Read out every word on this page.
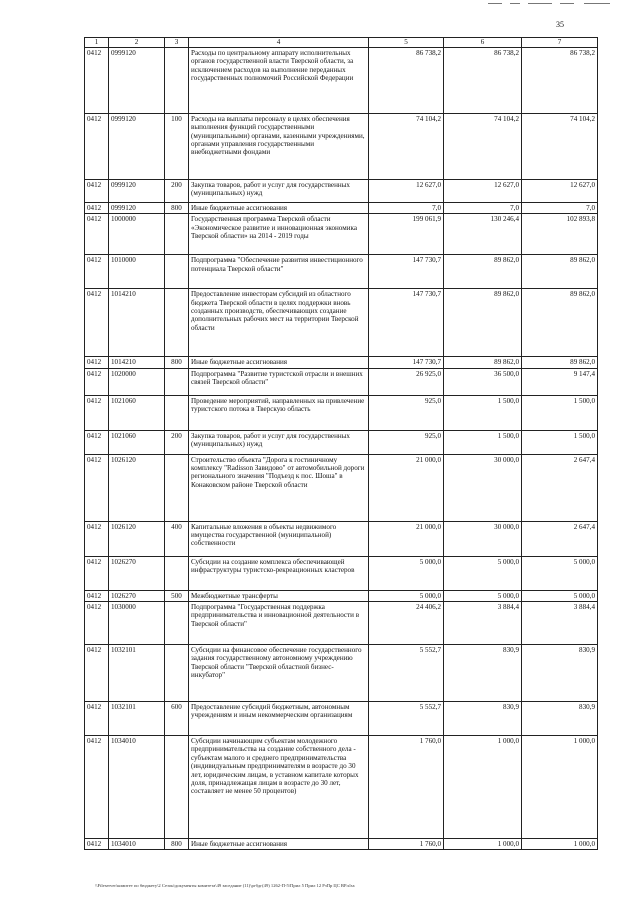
35
1	2	3	4	5	6	7
0412	0999120		Расходы по центральному аппарату исполнительных органов государственной власти Тверской области, за исключением расходов на выполнение переданных государственных полномочий Российской Федерации	86 738,2	86 738,2	86 738,2
0412	0999120	100	Расходы на выплаты персоналу в целях обеспечения выполнения функций государственными (муниципальными) органами, казенными учреждениями, органами управления государственными внебюджетными фондами	74 104,2	74 104,2	74 104,2
0412	0999120	200	Закупка товаров, работ и услуг для государственных (муниципальных) нужд	12 627,0	12 627,0	12 627,0
0412	0999120	800	Иные бюджетные ассигнования	7,0	7,0	7,0
0412	1000000		Государственная программа Тверской области «Экономическое развитие и инновационная экономика Тверской области» на 2014 - 2019 годы	199 061,9	130 246,4	102 893,8
0412	1010000		Подпрограмма "Обеспечение развития инвестиционного потенциала Тверской области"	147 730,7	89 862,0	89 862,0
0412	1014210		Предоставление инвесторам субсидий из областного бюджета Тверской области в целях поддержки вновь созданных производств, обеспечивающих создание дополнительных рабочих мест на территории Тверской области	147 730,7	89 862,0	89 862,0
0412	1014210	800	Иные бюджетные ассигнования	147 730,7	89 862,0	89 862,0
0412	1020000		Подпрограмма "Развитие туристской отрасли и внешних связей Тверской области"	26 925,0	36 500,0	9 147,4
0412	1021060		Проведение мероприятий, направленных на привлечение туристского потока в Тверскую область	925,0	1 500,0	1 500,0
0412	1021060	200	Закупка товаров, работ и услуг для государственных (муниципальных) нужд	925,0	1 500,0	1 500,0
0412	1026120		Строительство объекта "Дорога к гостиничному комплексу "Radisson Завидово" от автомобильной дороги регионального значения "Подъезд к пос. Шоша" в Конаковском районе Тверской области	21 000,0	30 000,0	2 647,4
0412	1026120	400	Капитальные вложения в объекты недвижимого имущества государственной (муниципальной) собственности	21 000,0	30 000,0	2 647,4
0412	1026270		Субсидии на создание комплекса обеспечивающей инфраструктуры туристско-рекреационных кластеров	5 000,0	5 000,0	5 000,0
0412	1026270	500	Межбюджетные трансферты	5 000,0	5 000,0	5 000,0
0412	1030000		Подпрограмма "Государственная поддержка предпринимательства и инновационной деятельности в Тверской области"	24 406,2	3 884,4	3 884,4
0412	1032101		Субсидии на финансовое обеспечение государственного задания государственному автономному учреждению Тверской области "Тверской областной бизнес-инкубатор"	5 552,7	830,9	830,9
0412	1032101	600	Предоставление субсидий бюджетным, автономным учреждениям и иным некоммерческим организациям	5 552,7	830,9	830,9
0412	1034010		Субсидии начинающим субъектам молодежного предпринимательства на создание собственного дела - субъектам малого и среднего предпринимательства (индивидуальным предпринимателям в возрасте до 30 лет, юридическим лицам, в уставном капитале которых доля, принадлежащая лицам в возрасте до 30 лет, составляет не менее 50 процентов)	1 760,0	1 000,0	1 000,0
0412	1034010	800	Иные бюджетные ассигнования	1 760,0	1 000,0	1 000,0
\\Fileserver\комитет по бюджету\2 Сезон\документы комитета\49 заседание (11)\ргбдг(49) 1262-П-5\Прил 5 Прил 12 РзПр ЦС ВР.xlsx
